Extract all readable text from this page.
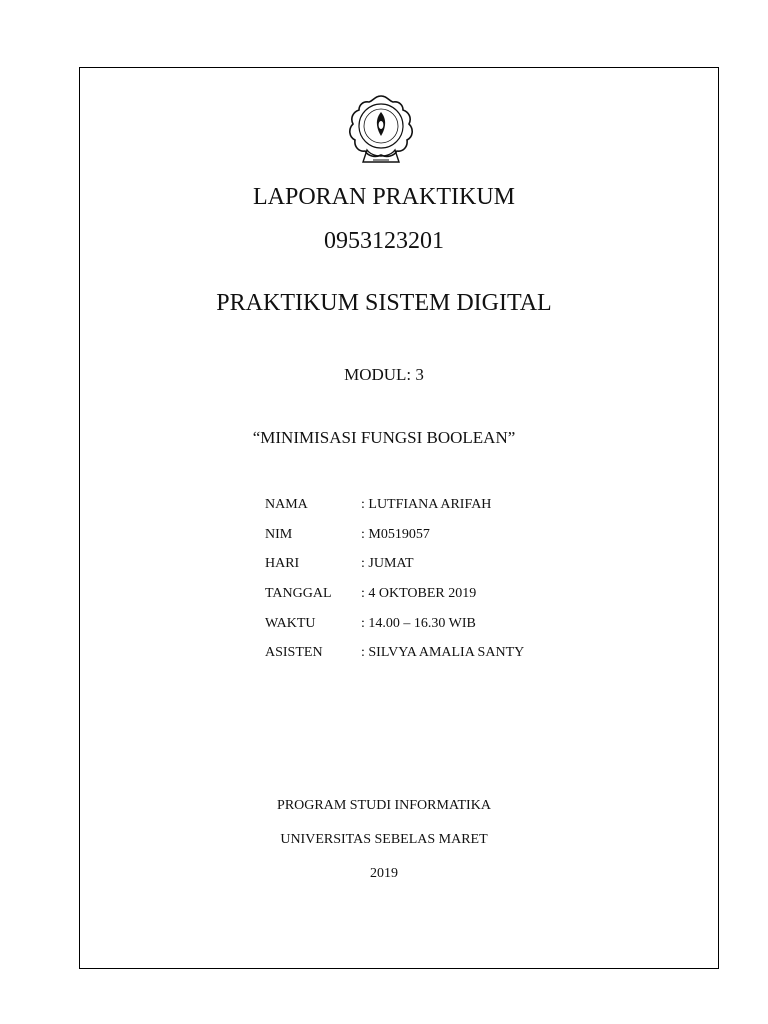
LAPORAN PRAKTIKUM
0953123201
PRAKTIKUM SISTEM DIGITAL
MODUL: 3
“MINIMISASI FUNGSI BOOLEAN”
NAMA	: LUTFIANA ARIFAH
NIM	: M0519057
HARI	: JUMAT
TANGGAL : 4 OKTOBER 2019
WAKTU	: 14.00 – 16.30 WIB
ASISTEN	: SILVYA AMALIA SANTY
PROGRAM STUDI INFORMATIKA
UNIVERSITAS SEBELAS MARET
2019
